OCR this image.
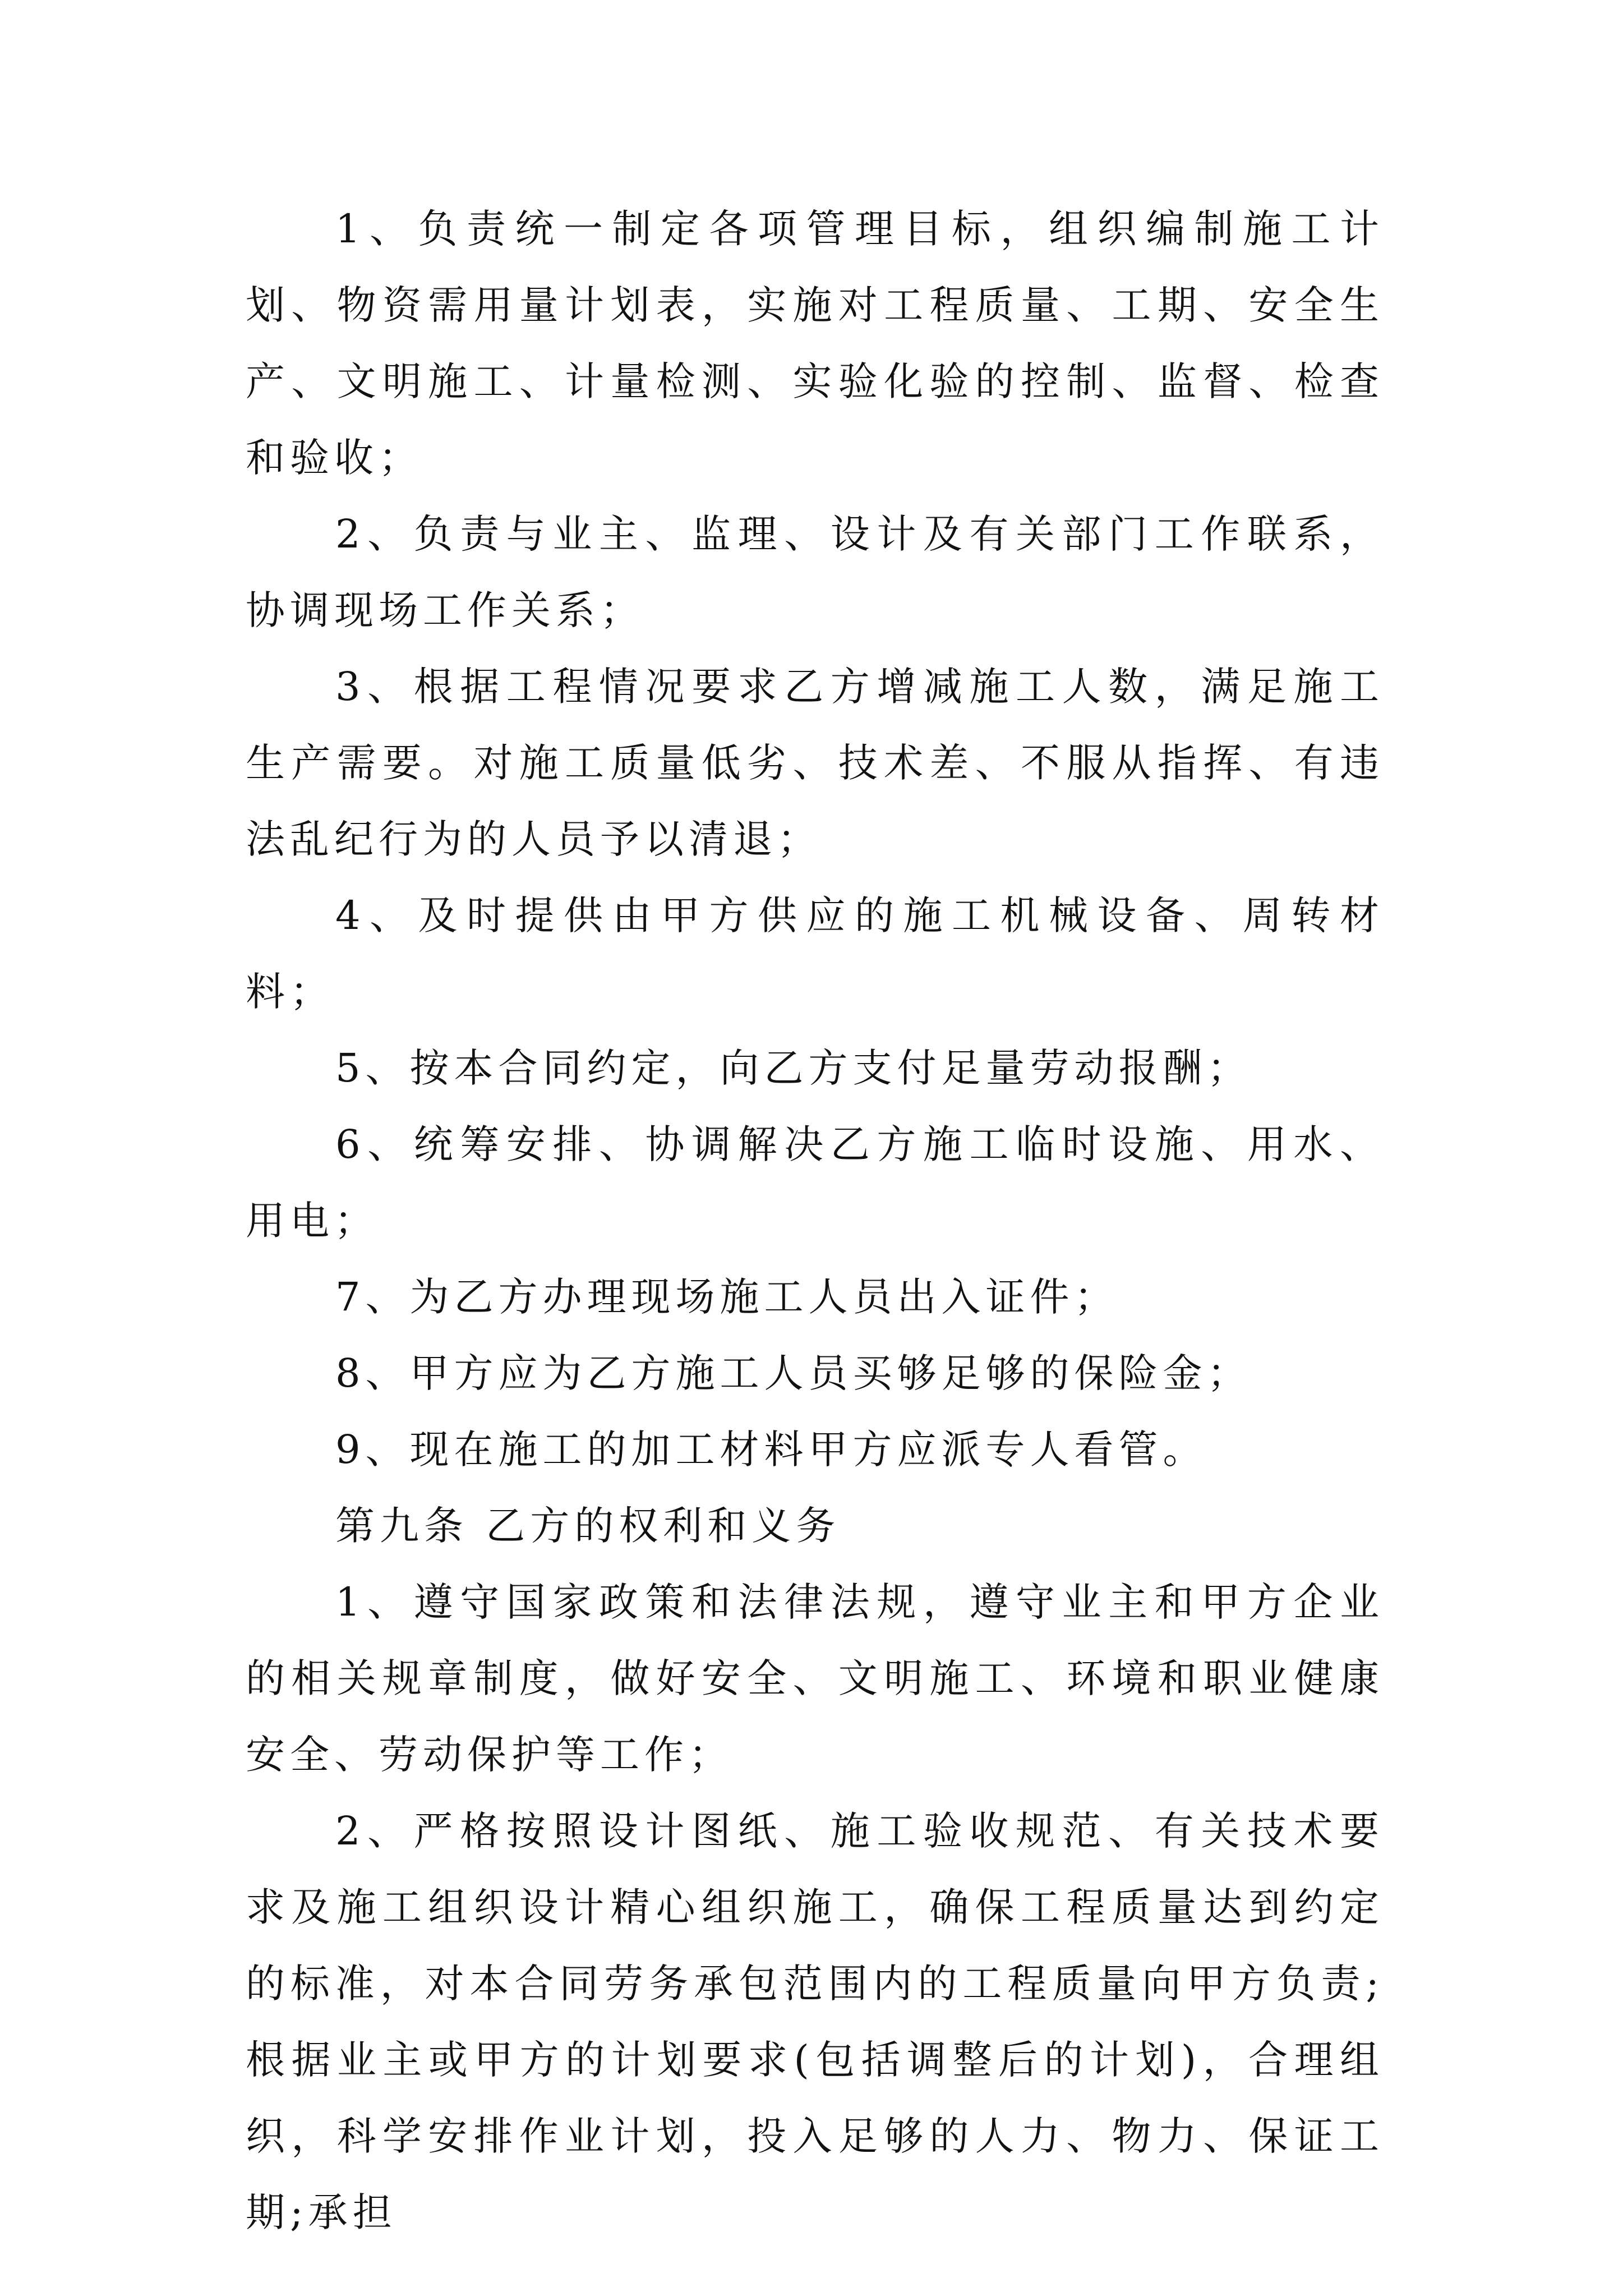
1、负责统一制定各项管理目标，组织编制施工计划、物资需用量计划表，实施对工程质量、工期、安全生产、文明施工、计量检测、实验化验的控制、监督、检查和验收；

2、负责与业主、监理、设计及有关部门工作联系，协调现场工作关系；

3、根据工程情况要求乙方增减施工人数，满足施工生产需要。对施工质量低劣、技术差、不服从指挥、有违法乱纪行为的人员予以清退；

4、及时提供由甲方供应的施工机械设备、周转材料；

5、按本合同约定，向乙方支付足量劳动报酬；

6、统筹安排、协调解决乙方施工临时设施、用水、用电；

7、为乙方办理现场施工人员出入证件；

8、甲方应为乙方施工人员买够足够的保险金；

9、现在施工的加工材料甲方应派专人看管。

第九条 乙方的权利和义务

1、遵守国家政策和法律法规，遵守业主和甲方企业的相关规章制度，做好安全、文明施工、环境和职业健康安全、劳动保护等工作；

2、严格按照设计图纸、施工验收规范、有关技术要求及施工组织设计精心组织施工，确保工程质量达到约定的标准，对本合同劳务承包范围内的工程质量向甲方负责;根据业主或甲方的计划要求(包括调整后的计划)，合理组织，科学安排作业计划，投入足够的人力、物力、保证工期;承担
